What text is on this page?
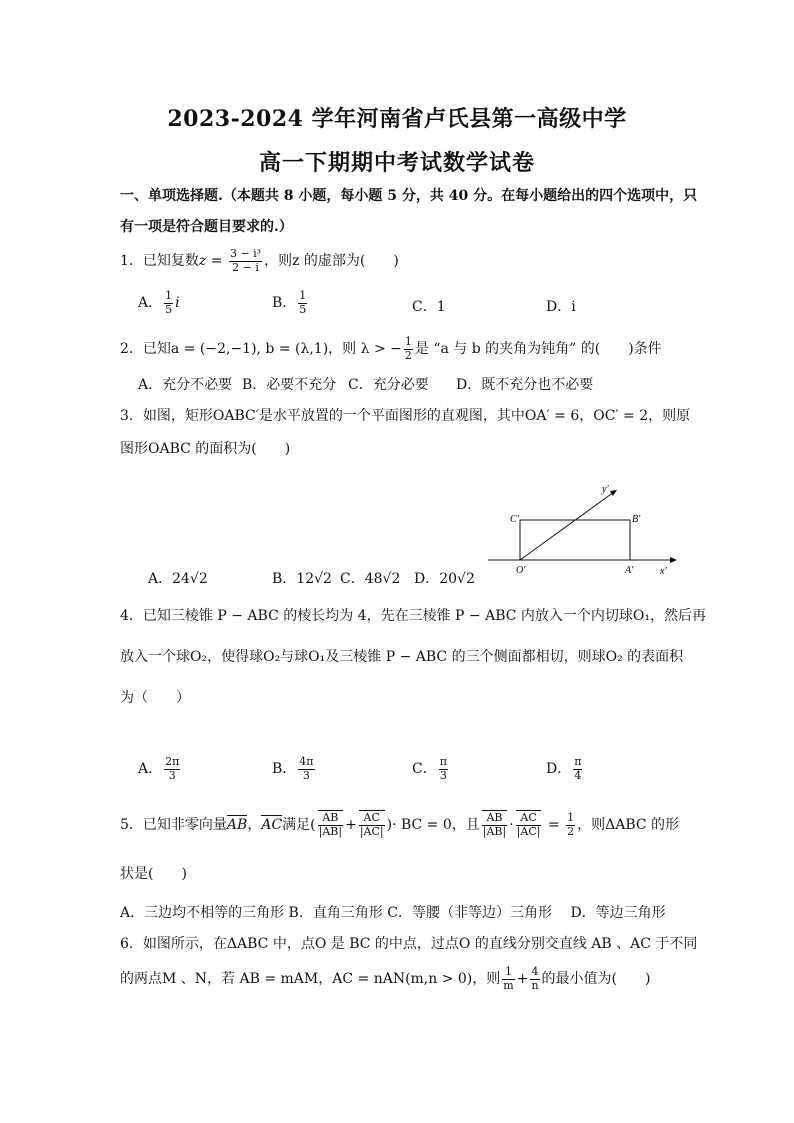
2023-2024 学年河南省卢氏县第一高级中学
高一下期期中考试数学试卷
一、单项选择题.（本题共 8 小题，每小题 5 分，共 40 分。在每小题给出的四个选项中，只
有一项是符合题目要求的.）
1．已知复数$z = \frac{\text{3 − i³}}{2 - i}$ ，则z 的虚部为(　　)
A． $\frac{1}{5}$ i	B． $\frac{1}{5}$	C．1	D．i
2．已知a = (−2,−1), b = (λ,1)，则 λ > − $\frac{1}{2}$ 是 “a 与 b 的夹角为钝角” 的(　　)条件
A．充分不必要 B．必要不充分 C．充分必要 D．既不充分也不必要
3．如图，矩形OABC′是水平放置的一个平面图形的直观图，其中OA′ = 6，OC′ = 2，则原
图形OABC 的面积为(　　)
A．24√2	B．12√2 C．48√2 D．20√2
C′	B′
O′	A′
y′
x′
4．已知三棱锥 P − ABC 的棱长均为 4，先在三棱锥 P − ABC 内放入一个内切球O₁，然后再
放入一个球O₂，使得球O₂与球O₁及三棱锥 P − ABC 的三个侧面都相切，则球O₂ 的表面积
为（　　）
A． $\frac{2\pi}{3}$	B． $\frac{4\pi}{3}$	C． $\frac{\pi}{3}$	D． $\frac{\pi}{4}$
5．已知非零向量AB，AC满足( $\frac{AB}{|AB|} + \frac{AC}{|AC|}$ )· BC = 0，且 $\frac{AB}{|AB|} \cdot \frac{AC}{|AC|} = \frac{1}{2}$ ，则ΔABC 的形
状是(　　)
A．三边均不相等的三角形 B．直角三角形 C．等腰（非等边）三角形　 D．等边三角形
6．如图所示，在ΔABC 中，点O 是 BC 的中点，过点O 的直线分别交直线 AB 、AC 于不同
的两点M 、N，若 AB = mAM，AC = nAN(m,n > 0)，则 $\frac{1}{m} + \frac{4}{n}$ 的最小值为(　　)
